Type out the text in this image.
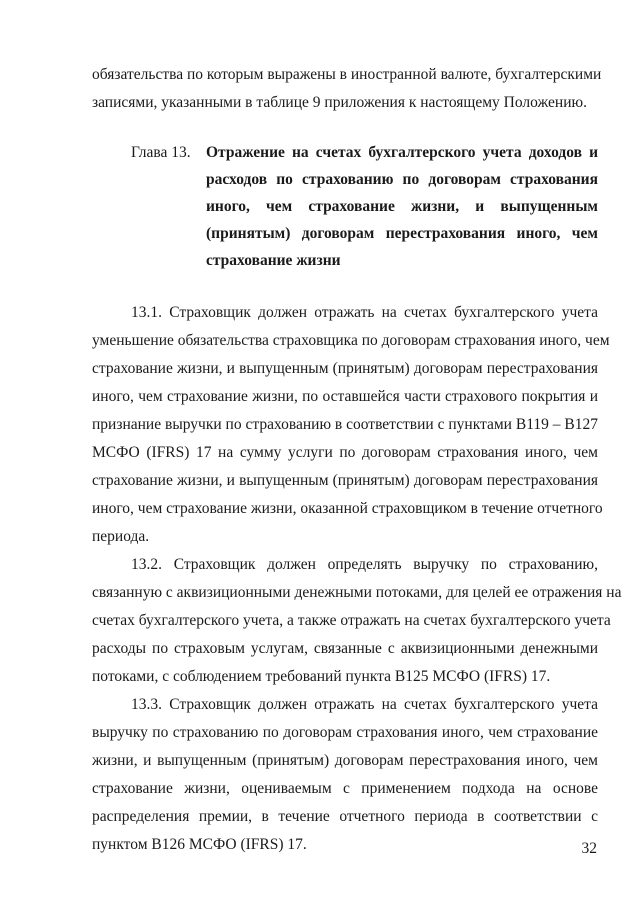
обязательства по которым выражены в иностранной валюте, бухгалтерскими

записями, указанными в таблице 9 приложения к настоящему Положению.

Глава 13. Отражение на счетах бухгалтерского учета доходов и

расходов по страхованию по договорам страхования

иного, чем страхование жизни, и выпущенным

(принятым) договорам перестрахования иного, чем

страхование жизни

13.1. Страховщик должен отражать на счетах бухгалтерского учета

уменьшение обязательства страховщика по договорам страхования иного, чем

страхование жизни, и выпущенным (принятым) договорам перестрахования

иного, чем страхование жизни, по оставшейся части страхового покрытия и

признание выручки по страхованию в соответствии с пунктами В119 – В127

МСФО (IFRS) 17 на сумму услуги по договорам страхования иного, чем

страхование жизни, и выпущенным (принятым) договорам перестрахования

иного, чем страхование жизни, оказанной страховщиком в течение отчетного

периода.

13.2. Страховщик должен определять выручку по страхованию,

связанную с аквизиционными денежными потоками, для целей ее отражения на

счетах бухгалтерского учета, а также отражать на счетах бухгалтерского учета

расходы по страховым услугам, связанные с аквизиционными денежными

потоками, с соблюдением требований пункта В125 МСФО (IFRS) 17.

13.3. Страховщик должен отражать на счетах бухгалтерского учета

выручку по страхованию по договорам страхования иного, чем страхование

жизни, и выпущенным (принятым) договорам перестрахования иного, чем

страхование жизни, оцениваемым с применением подхода на основе

распределения премии, в течение отчетного периода в соответствии с

пунктом В126 МСФО (IFRS) 17.	32
